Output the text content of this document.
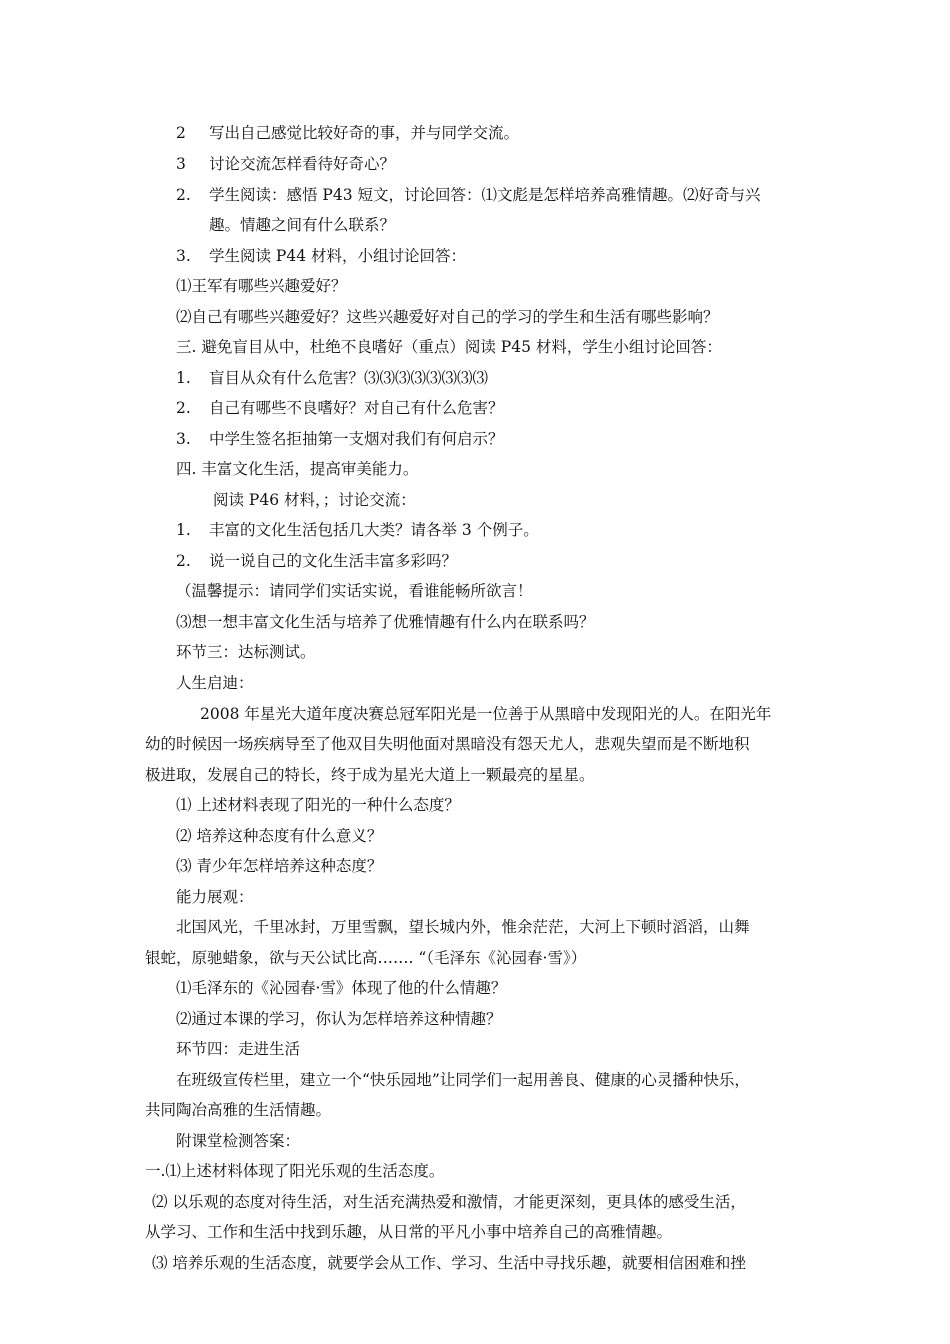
2 写出自己感觉比较好奇的事，并与同学交流。
3 讨论交流怎样看待好奇心？
2. 学生阅读：感悟 P43 短文，讨论回答：⑴文彪是怎样培养高雅情趣。⑵好奇与兴
趣。情趣之间有什么联系？
3. 学生阅读 P44 材料，小组讨论回答：
⑴王军有哪些兴趣爱好？
⑵自己有哪些兴趣爱好？这些兴趣爱好对自己的学习的学生和生活有哪些影响？
三. 避免盲目从中，杜绝不良嗜好（重点）阅读 P45 材料，学生小组讨论回答：
1. 盲目从众有什么危害？⑶⑶⑶⑶⑶⑶⑶⑶
2. 自己有哪些不良嗜好？对自己有什么危害？
3. 中学生签名拒抽第一支烟对我们有何启示？
四. 丰富文化生活，提高审美能力。
阅读 P46 材料，；讨论交流：
1. 丰富的文化生活包括几大类？请各举 3 个例子。
2. 说一说自己的文化生活丰富多彩吗？
（温馨提示：请同学们实话实说，看谁能畅所欲言！
⑶想一想丰富文化生活与培养了优雅情趣有什么内在联系吗？
环节三：达标测试。
人生启迪：
2008 年星光大道年度决赛总冠军阳光是一位善于从黑暗中发现阳光的人。在阳光年
幼的时候因一场疾病导至了他双目失明他面对黑暗没有怨天尤人，悲观失望而是不断地积
极进取，发展自己的特长，终于成为星光大道上一颗最亮的星星。
⑴ 上述材料表现了阳光的一种什么态度？
⑵ 培养这种态度有什么意义？
⑶ 青少年怎样培养这种态度？
能力展观：
北国风光，千里冰封，万里雪飘，望长城内外，惟余茫茫，大河上下顿时滔滔，山舞
银蛇，原驰蜡象，欲与天公试比高……. “（毛泽东《沁园春·雪》）
⑴毛泽东的《沁园春·雪》体现了他的什么情趣？
⑵通过本课的学习，你认为怎样培养这种情趣？
环节四：走进生活
在班级宣传栏里，建立一个“快乐园地”让同学们一起用善良、健康的心灵播种快乐，
共同陶冶高雅的生活情趣。
附课堂检测答案：
一.⑴上述材料体现了阳光乐观的生活态度。
⑵ 以乐观的态度对待生活，对生活充满热爱和激情，才能更深刻，更具体的感受生活，
从学习、工作和生活中找到乐趣，从日常的平凡小事中培养自己的高雅情趣。
⑶ 培养乐观的生活态度，就要学会从工作、学习、生活中寻找乐趣，就要相信困难和挫
